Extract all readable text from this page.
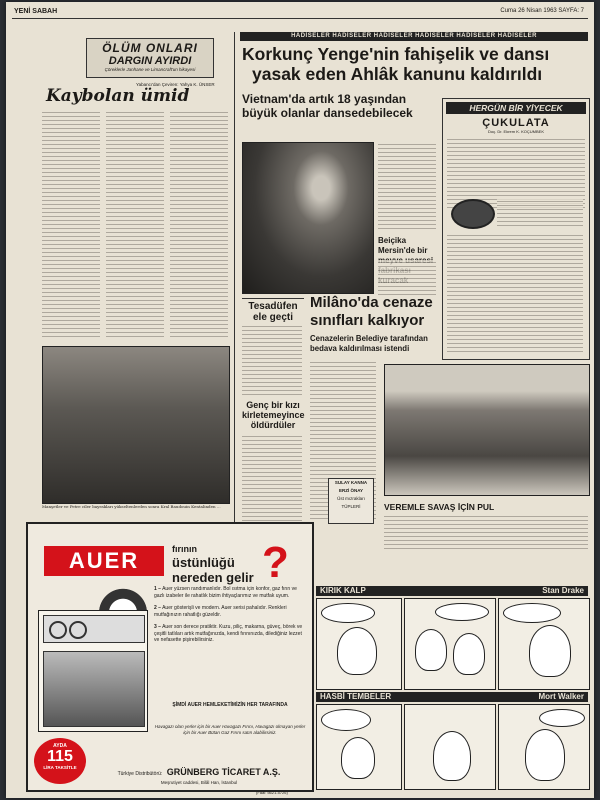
YENİ SABAH	Cuma 26 Nisan 1963 SAYFA: 7
ÖLÜM ONLARI
DARGIN AYIRDI
Çöreklerle Janhane ve Limancraft'un hikayesi
Yabancı'dan Çeviren: Yahya K. ÜNSER
Kaybolan ümid
Manşetler ve Petre ciler bayrakları yükseltenlerden sonra Kral Baudouin Kentalinden ...
HADİSELER HADİSELER HADİSELER HADİSELER HADİSELER HADİSELER
Korkunç Yenge'nin fahişelik ve dansı
yasak eden Ahlâk kanunu kaldırıldı
Vietnam'da artık 18 yaşından
büyük olanlar dansedebilecek	HERGÜN BİR YİYECEK
ÇUKULATA
Doç. Dr. Ekrem K. KOÇUMBEK
Beiçika Mersin'de bir
Tesadüfen
ele geçti
Genç bir kızı
kirletemeyince
öldürdüler
Milâno'da cenaze
sınıfları kalkıyor
Cenazelerin Belediye tarafından
bedava kaldırılması istendi
SULAY KANNA
ERZİ ÖNAY
Üst mızrakları TÜPLERİ	VEREMLE SAVAŞ İÇİN PUL
AUER	fırının
üstünlüğü
nereden gelir ?
AYDA
115
LİRA TAKSİTLE
1 – Auer yüzsen randımanlıdır. Bol ısıtma için konfor, gaz fırın ve gazlı izabeler ile rahatlık bizim ihtiyaçlarımız ve mutfak uyum.
2 – Auer gösterişli ve modern. Auer serisi pahalıdır. Renkleri mutfağınızın rahatlığı güzeldir.
3 – Auer son derece pratiktir. Kuzu, piliç, makarna, güveç, börek ve çeşitli tatlıları artık mutfağınızda, kendi fırınınızda, dilediğiniz lezzet ve nefasette pişirebilirsiniz.
ŞİMDİ AUER HEMLEKETİMİZİN HER TARAFINDA
Havagazı olan yerler için bir Auer Havagazı Fırını, Havagazı olmayan yerler için bir Auer Bütan Gaz Fırını satın alabilirsiniz.
Türkiye Distribütörü: GRÜNBERG TİCARET A.Ş.
Meşrutiyet caddesi, Bilâl Han, İstanbul
(Faal: 5621-5726)
KIRIK KALP	Stan Drake
HASBİ TEMBELER	Mort Walker
